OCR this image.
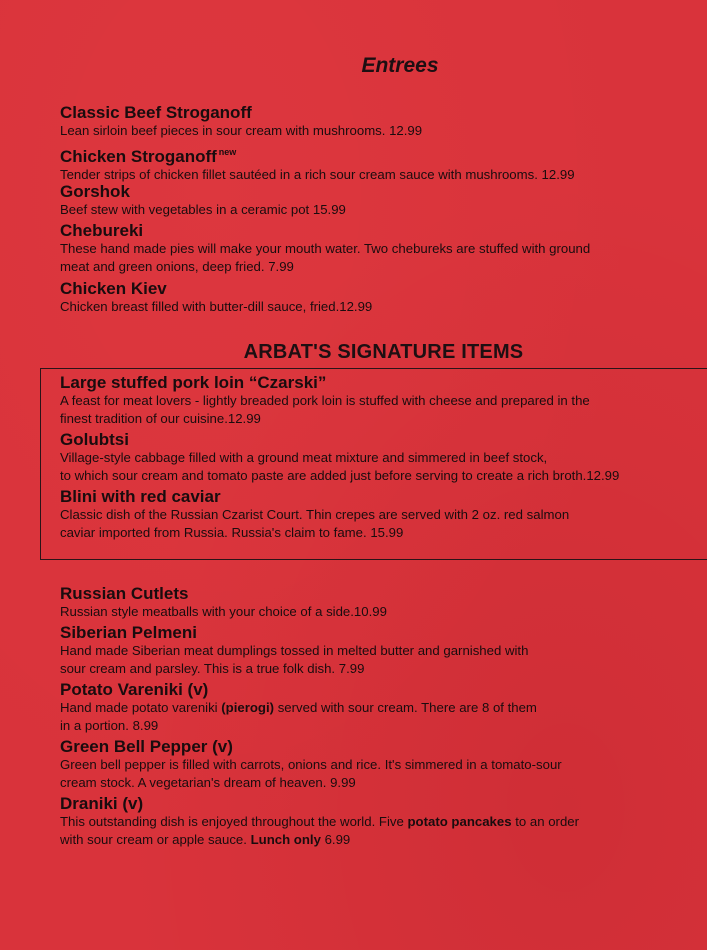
Entrees
Classic Beef Stroganoff
Lean sirloin beef pieces in sour cream with mushrooms. 12.99
Chicken Stroganoff $^{new}$
Tender strips of chicken fillet sautéed in a rich sour cream sauce with mushrooms. 12.99
Gorshok
Beef stew with vegetables in a ceramic pot 15.99
Chebureki
These hand made pies will make your mouth water. Two chebureks are stuffed with ground
meat and green onions, deep fried. 7.99
Chicken Kiev
Chicken breast filled with butter-dill sauce, fried.12.99
ARBAT'S SIGNATURE ITEMS
Large stuffed pork loin “Czarski”
A feast for meat lovers - lightly breaded pork loin is stuffed with cheese and prepared in the
finest tradition of our cuisine.12.99
Golubtsi
Village-style cabbage filled with a ground meat mixture and simmered in beef stock,
to which sour cream and tomato paste are added just before serving to create a rich broth.12.99
Blini with red caviar
Classic dish of the Russian Czarist Court. Thin crepes are served with 2 oz. red salmon
caviar imported from Russia. Russia's claim to fame. 15.99
Russian Cutlets
Russian style meatballs with your choice of a side.10.99
Siberian Pelmeni
Hand made Siberian meat dumplings tossed in melted butter and garnished with
sour cream and parsley. This is a true folk dish. 7.99
Potato Vareniki (v)
Hand made potato vareniki (pierogi) served with sour cream. There are 8 of them
in a portion. 8.99
Green Bell Pepper (v)
Green bell pepper is filled with carrots, onions and rice. It's simmered in a tomato-sour
cream stock. A vegetarian's dream of heaven. 9.99
Draniki (v)
This outstanding dish is enjoyed throughout the world. Five potato pancakes to an order
with sour cream or apple sauce. Lunch only 6.99
